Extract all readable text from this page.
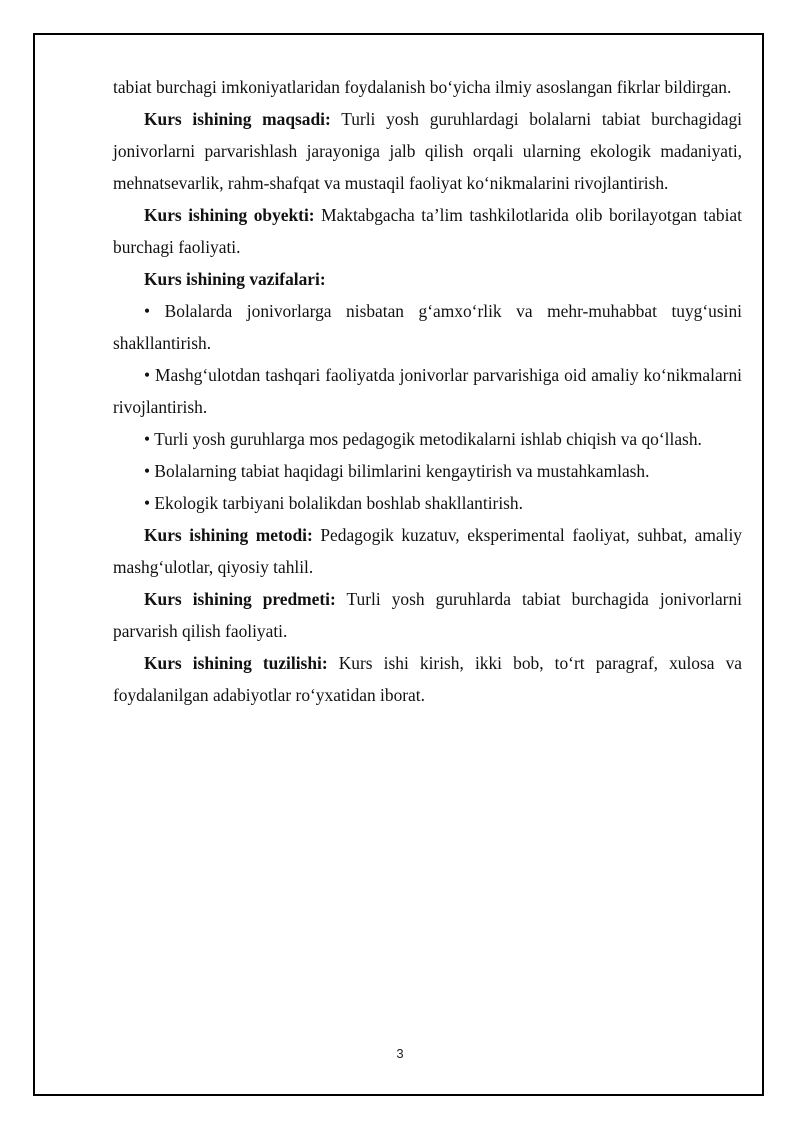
tabiat burchagi imkoniyatlaridan foydalanish bo‘yicha ilmiy asoslangan fikrlar bildirgan.

Kurs ishining maqsadi: Turli yosh guruhlardagi bolalarni tabiat burchagidagi jonivorlarni parvarishlash jarayoniga jalb qilish orqali ularning ekologik madaniyati, mehnatsevarlik, rahm-shafqat va mustaqil faoliyat ko‘nikmalarini rivojlantirish.

Kurs ishining obyekti: Maktabgacha ta’lim tashkilotlarida olib borilayotgan tabiat burchagi faoliyati.

Kurs ishining vazifalari:

• Bolalarda jonivorlarga nisbatan g‘amxo‘rlik va mehr-muhabbat tuyg‘usini shakllantirish.

• Mashg‘ulotdan tashqari faoliyatda jonivorlar parvarishiga oid amaliy ko‘nikmalarni rivojlantirish.

• Turli yosh guruhlarga mos pedagogik metodikalarni ishlab chiqish va qo‘llash.

• Bolalarning tabiat haqidagi bilimlarini kengaytirish va mustahkamlash.

• Ekologik tarbiyani bolalikdan boshlab shakllantirish.

Kurs ishining metodi: Pedagogik kuzatuv, eksperimental faoliyat, suhbat, amaliy mashg‘ulotlar, qiyosiy tahlil.

Kurs ishining predmeti: Turli yosh guruhlarda tabiat burchagida jonivorlarni parvarish qilish faoliyati.

Kurs ishining tuzilishi: Kurs ishi kirish, ikki bob, to‘rt paragraf, xulosa va foydalanilgan adabiyotlar ro‘yxatidan iborat.

3
